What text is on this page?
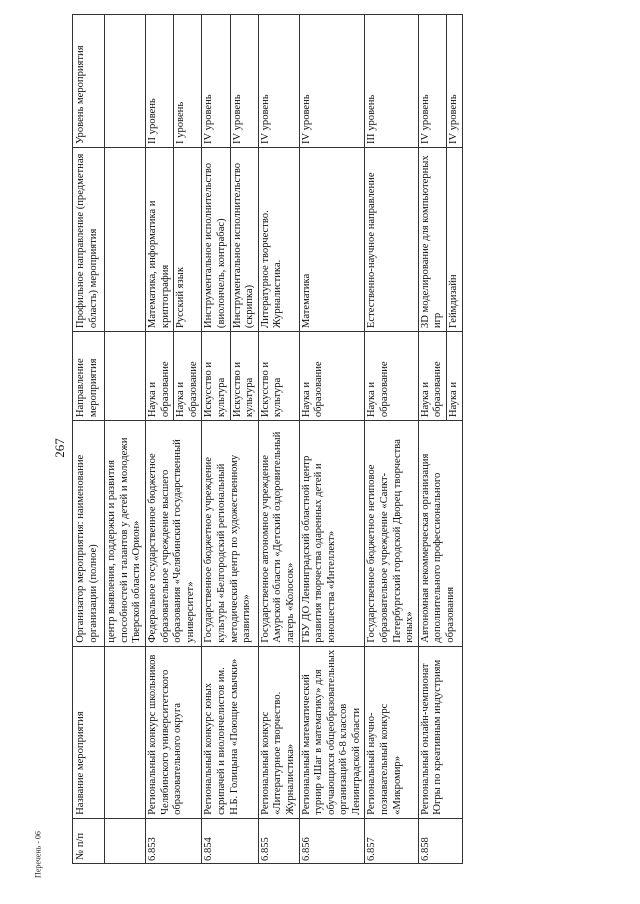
267
Перечень - 06	№ п/п	Название мероприятия	Организатор мероприятия: наименование организации (полное)	Направление мероприятия	Профильное направление (предметная область) мероприятия	Уровень мероприятия
		центр выявления, поддержки и развития способностей и талантов у детей и молодежи Тверской области «Орион»			
6.853	Региональный конкурс школьников Челябинского университетского образовательного округа	Федеральное государственное бюджетное образовательное учреждение высшего образования «Челябинский государственный университет»	Наука и образование	Математика, информатика и криптография	II уровень
			Наука и образование	Русский язык	I уровень
6.854	Региональный конкурс юных скрипачей и виолончелистов им. Н.Б. Голицына «Поющие смычки»	Государственное бюджетное учреждение культуры «Белгородский региональный методический центр по художественному развитию»	Искусство и культура	Инструментальное исполнительство (виолончель, контрабас)	IV уровень
			Искусство и культура	Инструментальное исполнительство (скрипка)	IV уровень
6.855	Региональный конкурс «Литературное творчество. Журналистика»	Государственное автономное учреждение Амурской области «Детский оздоровительный лагерь «Колосок»	Искусство и культура	Литературное творчество. Журналистика.	IV уровень
6.856	Региональный математический турнир «Шаг в математику» для обучающихся общеобразовательных организаций 6-8 классов Ленинградской области	ГБУ ДО Ленинградский областной центр развития творчества одаренных детей и юношества «Интеллект»	Наука и образование	Математика	IV уровень
6.857	Региональный научно-познавательный конкурс «Микромир»	Государственное бюджетное нетиповое образовательное учреждение «Санкт-Петербургский городской Дворец творчества юных»	Наука и образование	Естественно-научное направление	III уровень
6.858	Региональный онлайн-чемпионат Югры по креативным индустриям	Автономная некоммерческая организация дополнительного профессионального образования	Наука и образование	3D моделирование для компьютерных игр	IV уровень
			Наука и	Геймдизайн	IV уровень
